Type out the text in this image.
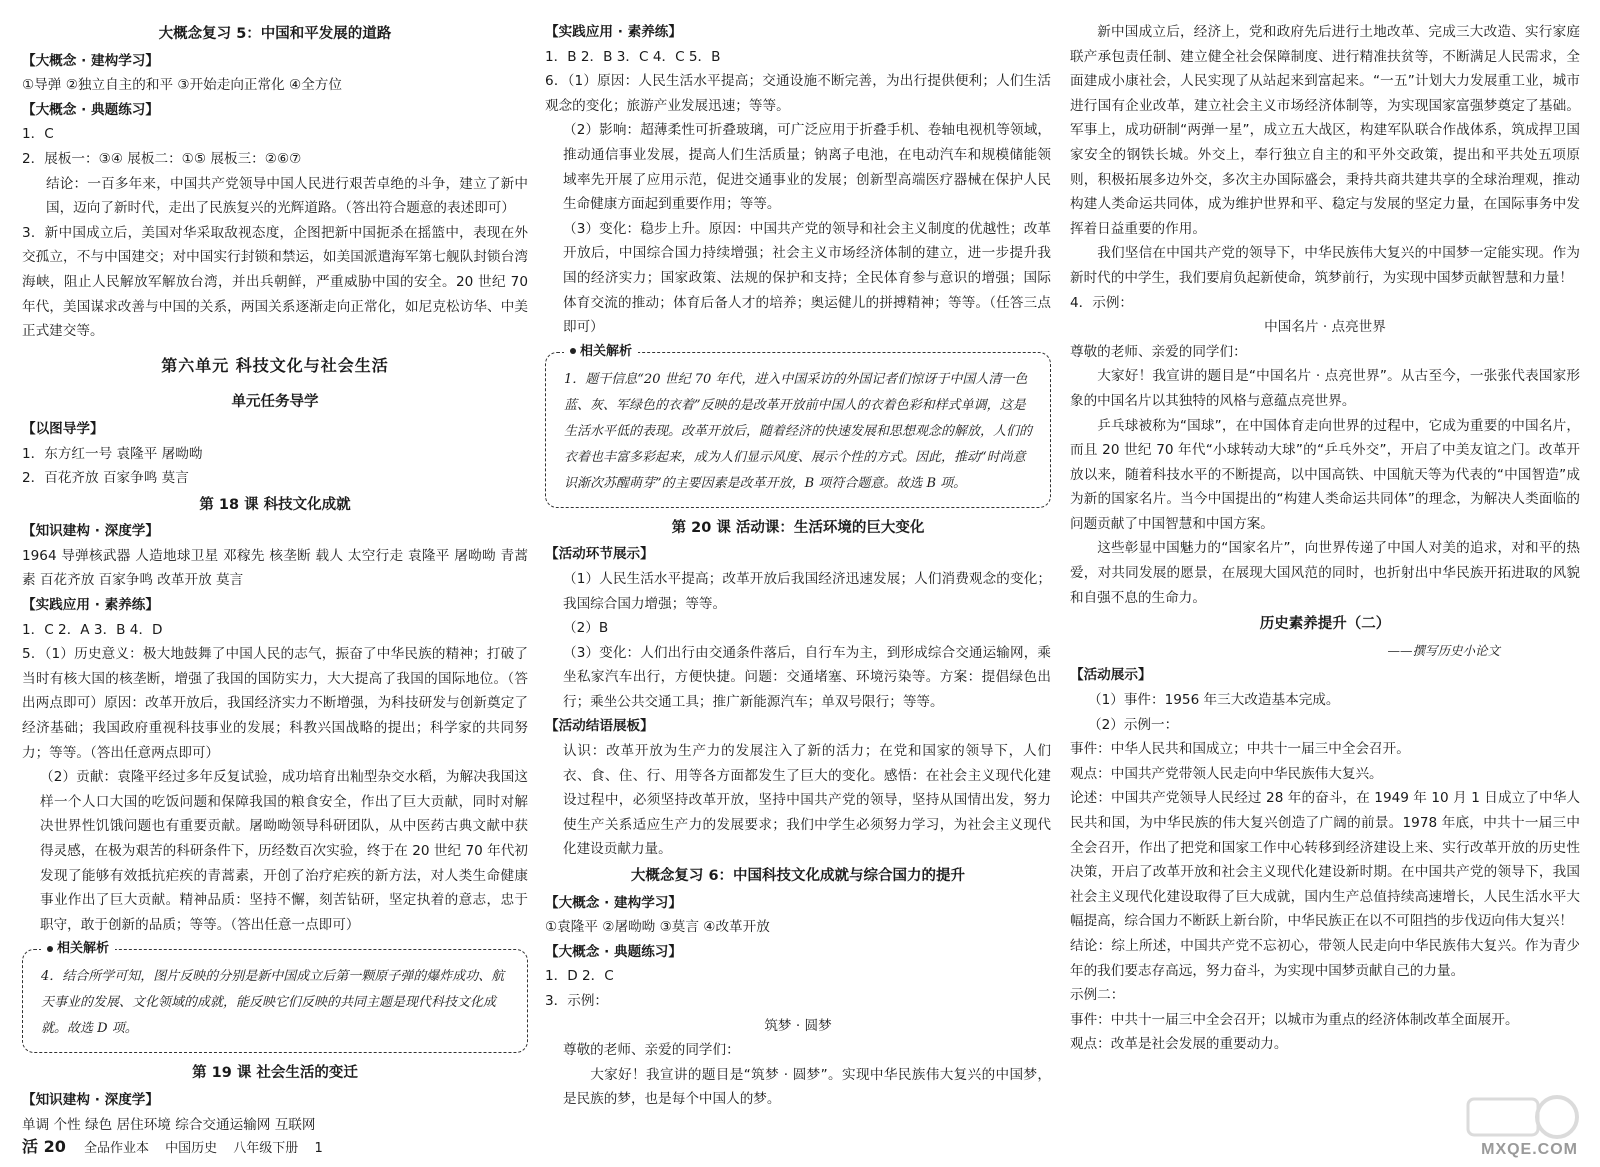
大概念复习 5：中国和平发展的道路
【大概念 · 建构学习】

①导弹 ②独立自主的和平 ③开始走向正常化 ④全方位

【大概念 · 典题练习】

1．C

2．展板一：③④ 展板二：①⑤ 展板三：②⑥⑦

结论：一百多年来，中国共产党领导中国人民进行艰苦卓绝的斗争，建立了新中国，迈向了新时代，走出了民族复兴的光辉道路。（答出符合题意的表述即可）

3．新中国成立后，美国对华采取敌视态度，企图把新中国扼杀在摇篮中，表现在外交孤立，不与中国建交；对中国实行封锁和禁运，如美国派遣海军第七舰队封锁台湾海峡，阻止人民解放军解放台湾，并出兵朝鲜，严重威胁中国的安全。20 世纪 70 年代，美国谋求改善与中国的关系，两国关系逐渐走向正常化，如尼克松访华、中美正式建交等。

第六单元 科技文化与社会生活
单元任务导学
【以图导学】

1．东方红一号 袁隆平 屠呦呦

2．百花齐放 百家争鸣 莫言

第 18 课 科技文化成就
【知识建构 · 深度学】

1964 导弹核武器 人造地球卫星 邓稼先 核垄断 载人 太空行走 袁隆平 屠呦呦 青蒿素 百花齐放 百家争鸣 改革开放 莫言

【实践应用 · 素养练】

1．C 2．A 3．B 4．D

5．（1）历史意义：极大地鼓舞了中国人民的志气，振奋了中华民族的精神；打破了当时有核大国的核垄断，增强了我国的国防实力，大大提高了我国的国际地位。（答出两点即可）原因：改革开放后，我国经济实力不断增强，为科技研发与创新奠定了经济基础；我国政府重视科技事业的发展；科教兴国战略的提出；科学家的共同努力；等等。（答出任意两点即可）

（2）贡献：袁隆平经过多年反复试验，成功培育出籼型杂交水稻，为解决我国这样一个人口大国的吃饭问题和保障我国的粮食安全，作出了巨大贡献，同时对解决世界性饥饿问题也有重要贡献。屠呦呦领导科研团队，从中医药古典文献中获得灵感，在极为艰苦的科研条件下，历经数百次实验，终于在 20 世纪 70 年代初发现了能够有效抵抗疟疾的青蒿素，开创了治疗疟疾的新方法，对人类生命健康事业作出了巨大贡献。精神品质：坚持不懈，刻苦钻研，坚定执着的意志，忠于职守，敢于创新的品质；等等。（答出任意一点即可）

相关解析
4．结合所学可知，图片反映的分别是新中国成立后第一颗原子弹的爆炸成功、航天事业的发展、文化领域的成就，能反映它们反映的共同主题是现代科技文化成就。故选 D 项。
第 19 课 社会生活的变迁
【知识建构 · 深度学】

单调 个性 绿色 居住环境 综合交通运输网 互联网

【实践应用 · 素养练】

1．B 2．B 3．C 4．C 5．B

6．（1）原因：人民生活水平提高；交通设施不断完善，为出行提供便利；人们生活观念的变化；旅游产业发展迅速；等等。

（2）影响：超薄柔性可折叠玻璃，可广泛应用于折叠手机、卷轴电视机等领域，推动通信事业发展，提高人们生活质量；钠离子电池，在电动汽车和规模储能领域率先开展了应用示范，促进交通事业的发展；创新型高端医疗器械在保护人民生命健康方面起到重要作用；等等。

（3）变化：稳步上升。原因：中国共产党的领导和社会主义制度的优越性；改革开放后，中国综合国力持续增强；社会主义市场经济体制的建立，进一步提升我国的经济实力；国家政策、法规的保护和支持；全民体育参与意识的增强；国际体育交流的推动；体育后备人才的培养；奥运健儿的拼搏精神；等等。（任答三点即可）

相关解析
1．题干信息“20 世纪 70 年代，进入中国采访的外国记者们惊讶于中国人清一色蓝、灰、军绿色的衣着”反映的是改革开放前中国人的衣着色彩和样式单调，这是生活水平低的表现。改革开放后，随着经济的快速发展和思想观念的解放，人们的衣着也丰富多彩起来，成为人们显示风度、展示个性的方式。因此，推动“时尚意识渐次苏醒萌芽”的主要因素是改革开放，B 项符合题意。故选 B 项。
第 20 课 活动课：生活环境的巨大变化
【活动环节展示】

（1）人民生活水平提高；改革开放后我国经济迅速发展；人们消费观念的变化；我国综合国力增强；等等。

（2）B

（3）变化：人们出行由交通条件落后，自行车为主，到形成综合交通运输网，乘坐私家汽车出行，方便快捷。问题：交通堵塞、环境污染等。方案：提倡绿色出行；乘坐公共交通工具；推广新能源汽车；单双号限行；等等。

【活动结语展板】

认识：改革开放为生产力的发展注入了新的活力；在党和国家的领导下，人们衣、食、住、行、用等各方面都发生了巨大的变化。感悟：在社会主义现代化建设过程中，必须坚持改革开放，坚持中国共产党的领导，坚持从国情出发，努力使生产关系适应生产力的发展要求；我们中学生必须努力学习，为社会主义现代化建设贡献力量。

大概念复习 6：中国科技文化成就与综合国力的提升
【大概念 · 建构学习】

①袁隆平 ②屠呦呦 ③莫言 ④改革开放

【大概念 · 典题练习】

1．D 2．C

3．示例：

筑梦 · 圆梦

尊敬的老师、亲爱的同学们：

大家好！我宣讲的题目是“筑梦 · 圆梦”。实现中华民族伟大复兴的中国梦，是民族的梦，也是每个中国人的梦。

新中国成立后，经济上，党和政府先后进行土地改革、完成三大改造、实行家庭联产承包责任制、建立健全社会保障制度、进行精准扶贫等，不断满足人民需求，全面建成小康社会，人民实现了从站起来到富起来。“一五”计划大力发展重工业，城市进行国有企业改革，建立社会主义市场经济体制等，为实现国家富强梦奠定了基础。军事上，成功研制“两弹一星”，成立五大战区，构建军队联合作战体系，筑成捍卫国家安全的钢铁长城。外交上，奉行独立自主的和平外交政策，提出和平共处五项原则，积极拓展多边外交，多次主办国际盛会，秉持共商共建共享的全球治理观，推动构建人类命运共同体，成为维护世界和平、稳定与发展的坚定力量，在国际事务中发挥着日益重要的作用。

我们坚信在中国共产党的领导下，中华民族伟大复兴的中国梦一定能实现。作为新时代的中学生，我们要肩负起新使命，筑梦前行，为实现中国梦贡献智慧和力量！

4．示例：

中国名片 · 点亮世界

尊敬的老师、亲爱的同学们：

大家好！我宣讲的题目是“中国名片 · 点亮世界”。从古至今，一张张代表国家形象的中国名片以其独特的风格与意蕴点亮世界。

乒乓球被称为“国球”，在中国体育走向世界的过程中，它成为重要的中国名片，而且 20 世纪 70 年代“小球转动大球”的“乒乓外交”，开启了中美友谊之门。改革开放以来，随着科技水平的不断提高，以中国高铁、中国航天等为代表的“中国智造”成为新的国家名片。当今中国提出的“构建人类命运共同体”的理念，为解决人类面临的问题贡献了中国智慧和中国方案。

这些彰显中国魅力的“国家名片”，向世界传递了中国人对美的追求，对和平的热爱，对共同发展的愿景，在展现大国风范的同时，也折射出中华民族开拓进取的风貌和自强不息的生命力。

历史素养提升（二）

——撰写历史小论文

【活动展示】

（1）事件：1956 年三大改造基本完成。

（2）示例一：

事件：中华人民共和国成立；中共十一届三中全会召开。

观点：中国共产党带领人民走向中华民族伟大复兴。

论述：中国共产党领导人民经过 28 年的奋斗，在 1949 年 10 月 1 日成立了中华人民共和国，为中华民族的伟大复兴创造了广阔的前景。1978 年底，中共十一届三中全会召开，作出了把党和国家工作中心转移到经济建设上来、实行改革开放的历史性决策，开启了改革开放和社会主义现代化建设新时期。在中国共产党的领导下，我国社会主义现代化建设取得了巨大成就，国内生产总值持续高速增长，人民生活水平大幅提高，综合国力不断跃上新台阶，中华民族正在以不可阻挡的步伐迈向伟大复兴！

结论：综上所述，中国共产党不忘初心，带领人民走向中华民族伟大复兴。作为青少年的我们要志存高远，努力奋斗，为实现中国梦贡献自己的力量。

示例二：

事件：中共十一届三中全会召开；以城市为重点的经济体制改革全面展开。

观点：改革是社会发展的重要动力。

活 20 全品作业本 中国历史 八年级下册 1	MXQE.COM
